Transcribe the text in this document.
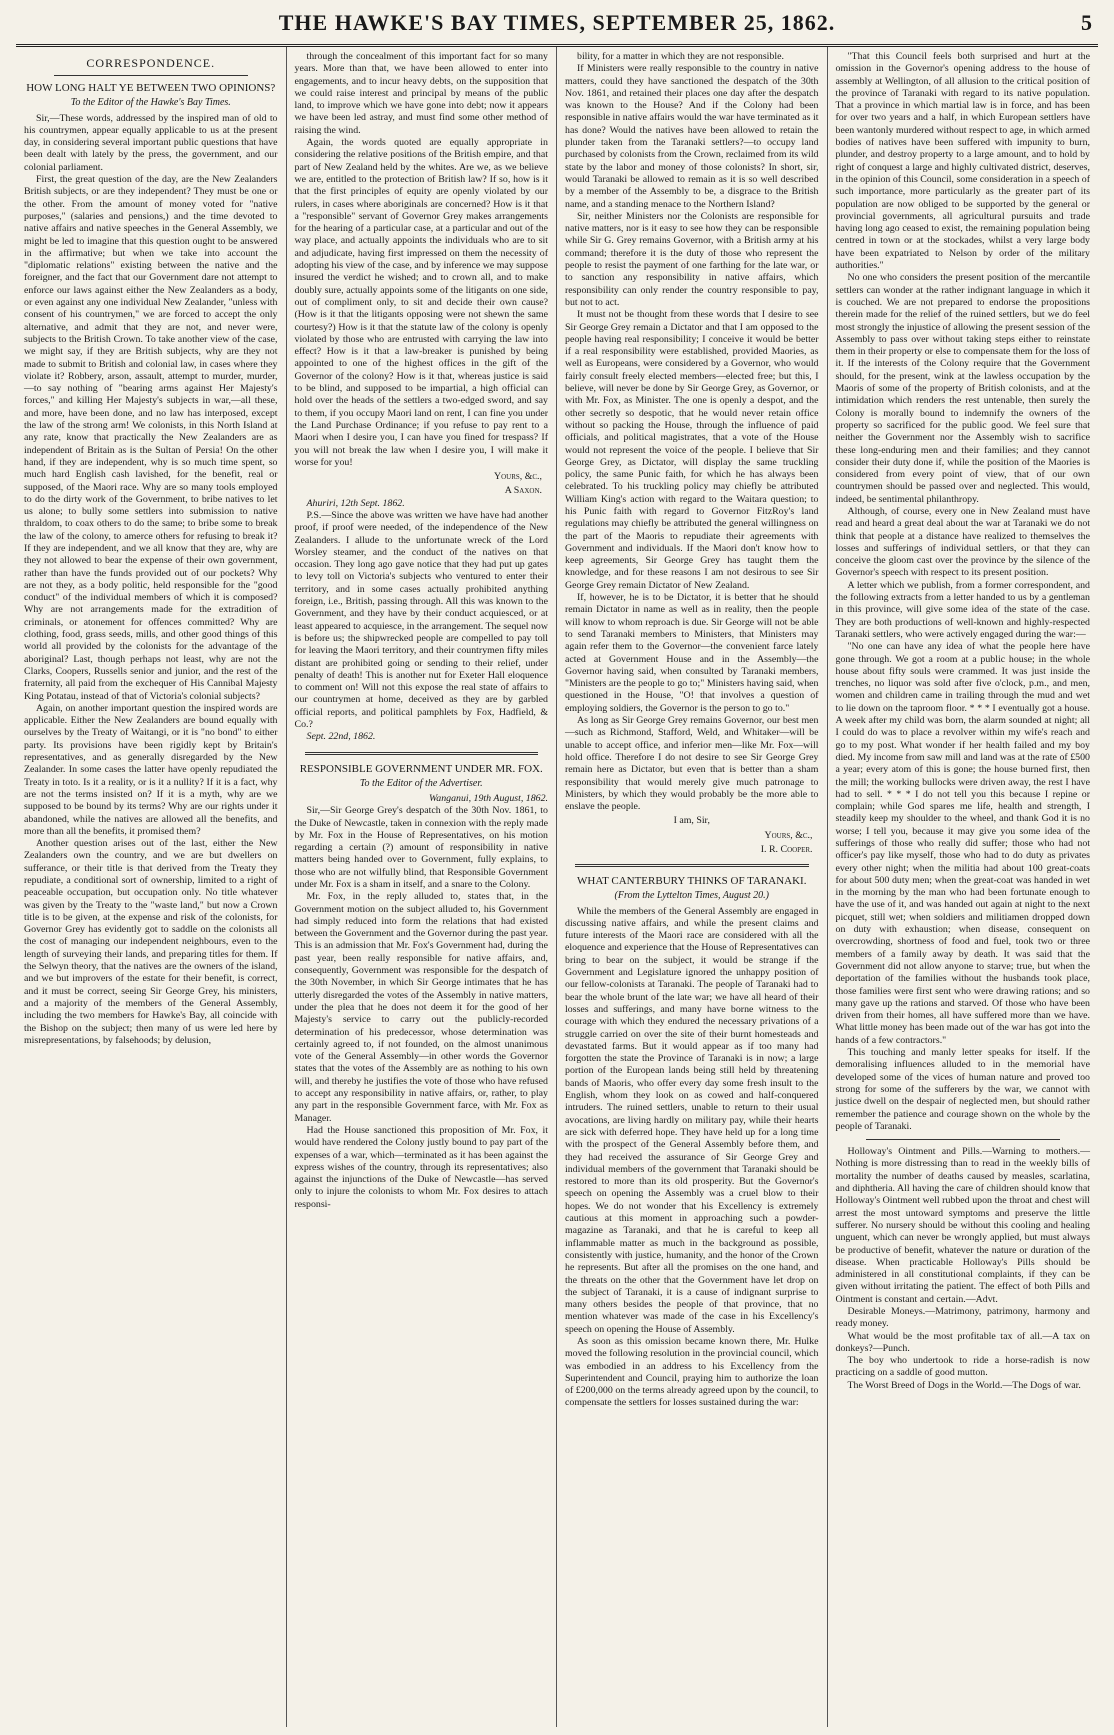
THE HAWKE'S BAY TIMES, SEPTEMBER 25, 1862.	5
CORRESPONDENCE.
HOW LONG HALT YE BETWEEN TWO OPINIONS?
To the Editor of the Hawke's Bay Times.

Sir,—These words, addressed by the inspired man of old to his countrymen, appear equally applicable to us at the present day, in considering several important public questions that have been dealt with lately by the press, the government, and our colonial parliament.

First, the great question of the day, are the New Zealanders British subjects, or are they independent? They must be one or the other. From the amount of money voted for "native purposes," (salaries and pensions,) and the time devoted to native affairs and native speeches in the General Assembly, we might be led to imagine that this question ought to be answered in the affirmative; but when we take into account the "diplomatic relations" existing between the native and the foreigner, and the fact that our Government dare not attempt to enforce our laws against either the New Zealanders as a body, or even against any one individual New Zealander, "unless with consent of his countrymen," we are forced to accept the only alternative, and admit that they are not, and never were, subjects to the British Crown. To take another view of the case, we might say, if they are British subjects, why are they not made to submit to British and colonial law, in cases where they violate it? Robbery, arson, assault, attempt to murder, murder,—to say nothing of "bearing arms against Her Majesty's forces," and killing Her Majesty's subjects in war,—all these, and more, have been done, and no law has interposed, except the law of the strong arm! We colonists, in this North Island at any rate, know that practically the New Zealanders are as independent of Britain as is the Sultan of Persia! On the other hand, if they are independent, why is so much time spent, so much hard English cash lavished, for the benefit, real or supposed, of the Maori race. Why are so many tools employed to do the dirty work of the Government, to bribe natives to let us alone; to bully some settlers into submission to native thraldom, to coax others to do the same; to bribe some to break the law of the colony, to amerce others for refusing to break it? If they are independent, and we all know that they are, why are they not allowed to bear the expense of their own government, rather than have the funds provided out of our pockets? Why are not they, as a body politic, held responsible for the "good conduct" of the individual members of which it is composed? Why are not arrangements made for the extradition of criminals, or atonement for offences committed? Why are clothing, food, grass seeds, mills, and other good things of this world all provided by the colonists for the advantage of the aboriginal? Last, though perhaps not least, why are not the Clarks, Coopers, Russells senior and junior, and the rest of the fraternity, all paid from the exchequer of His Cannibal Majesty King Potatau, instead of that of Victoria's colonial subjects?

Again, on another important question the inspired words are applicable. Either the New Zealanders are bound equally with ourselves by the Treaty of Waitangi, or it is "no bond" to either party. Its provisions have been rigidly kept by Britain's representatives, and as generally disregarded by the New Zealander. In some cases the latter have openly repudiated the Treaty in toto. Is it a reality, or is it a nullity? If it is a fact, why are not the terms insisted on? If it is a myth, why are we supposed to be bound by its terms? Why are our rights under it abandoned, while the natives are allowed all the benefits, and more than all the benefits, it promised them?

Another question arises out of the last, either the New Zealanders own the country, and we are but dwellers on sufferance, or their title is that derived from the Treaty they repudiate, a conditional sort of ownership, limited to a right of peaceable occupation, but occupation only. No title whatever was given by the Treaty to the "waste land," but now a Crown title is to be given, at the expense and risk of the colonists, for Governor Grey has evidently got to saddle on the colonists all the cost of managing our independent neighbours, even to the length of surveying their lands, and preparing titles for them. If the Selwyn theory, that the natives are the owners of the island, and we but improvers of the estate for their benefit, is correct, and it must be correct, seeing Sir George Grey, his ministers, and a majority of the members of the General Assembly, including the two members for Hawke's Bay, all coincide with the Bishop on the subject; then many of us were led here by misrepresentations, by falsehoods; by delusion,

through the concealment of this important fact for so many years. More than that, we have been allowed to enter into engagements, and to incur heavy debts, on the supposition that we could raise interest and principal by means of the public land, to improve which we have gone into debt; now it appears we have been led astray, and must find some other method of raising the wind.

Again, the words quoted are equally appropriate in considering the relative positions of the British empire, and that part of New Zealand held by the whites. Are we, as we believe we are, entitled to the protection of British law? If so, how is it that the first principles of equity are openly violated by our rulers, in cases where aboriginals are concerned? How is it that a "responsible" servant of Governor Grey makes arrangements for the hearing of a particular case, at a particular and out of the way place, and actually appoints the individuals who are to sit and adjudicate, having first impressed on them the necessity of adopting his view of the case, and by inference we may suppose insured the verdict he wished; and to crown all, and to make doubly sure, actually appoints some of the litigants on one side, out of compliment only, to sit and decide their own cause? (How is it that the litigants opposing were not shewn the same courtesy?) How is it that the statute law of the colony is openly violated by those who are entrusted with carrying the law into effect? How is it that a law-breaker is punished by being appointed to one of the highest offices in the gift of the Governor of the colony? How is it that, whereas justice is said to be blind, and supposed to be impartial, a high official can hold over the heads of the settlers a two-edged sword, and say to them, if you occupy Maori land on rent, I can fine you under the Land Purchase Ordinance; if you refuse to pay rent to a Maori when I desire you, I can have you fined for trespass? If you will not break the law when I desire you, I will make it worse for you!

Yours, &c.,
A Saxon.

Ahuriri, 12th Sept. 1862.

P.S.—Since the above was written we have have had another proof, if proof were needed, of the independence of the New Zealanders. I allude to the unfortunate wreck of the Lord Worsley steamer, and the conduct of the natives on that occasion. They long ago gave notice that they had put up gates to levy toll on Victoria's subjects who ventured to enter their territory, and in some cases actually prohibited anything foreign, i.e., British, passing through. All this was known to the Government, and they have by their conduct acquiesced, or at least appeared to acquiesce, in the arrangement. The sequel now is before us; the shipwrecked people are compelled to pay toll for leaving the Maori territory, and their countrymen fifty miles distant are prohibited going or sending to their relief, under penalty of death! This is another nut for Exeter Hall eloquence to comment on! Will not this expose the real state of affairs to our countrymen at home, deceived as they are by garbled official reports, and political pamphlets by Fox, Hadfield, & Co.?

Sept. 22nd, 1862.

RESPONSIBLE GOVERNMENT UNDER MR. FOX.
To the Editor of the Advertiser.

Wanganui, 19th August, 1862.

Sir,—Sir George Grey's despatch of the 30th Nov. 1861, to the Duke of Newcastle, taken in connexion with the reply made by Mr. Fox in the House of Representatives, on his motion regarding a certain (?) amount of responsibility in native matters being handed over to Government, fully explains, to those who are not wilfully blind, that Responsible Government under Mr. Fox is a sham in itself, and a snare to the Colony.

Mr. Fox, in the reply alluded to, states that, in the Government motion on the subject alluded to, his Government had simply reduced into form the relations that had existed between the Government and the Governor during the past year. This is an admission that Mr. Fox's Government had, during the past year, been really responsible for native affairs, and, consequently, Government was responsible for the despatch of the 30th November, in which Sir George intimates that he has utterly disregarded the votes of the Assembly in native matters, under the plea that he does not deem it for the good of her Majesty's service to carry out the publicly-recorded determination of his predecessor, whose determination was certainly agreed to, if not founded, on the almost unanimous vote of the General Assembly—in other words the Governor states that the votes of the Assembly are as nothing to his own will, and thereby he justifies the vote of those who have refused to accept any responsibility in native affairs, or, rather, to play any part in the responsible Government farce, with Mr. Fox as Manager.

Had the House sanctioned this proposition of Mr. Fox, it would have rendered the Colony justly bound to pay part of the expenses of a war, which—terminated as it has been against the express wishes of the country, through its representatives; also against the injunctions of the Duke of Newcastle—has served only to injure the colonists to whom Mr. Fox desires to attach responsi-

bility, for a matter in which they are not responsible.

If Ministers were really responsible to the country in native matters, could they have sanctioned the despatch of the 30th Nov. 1861, and retained their places one day after the despatch was known to the House? And if the Colony had been responsible in native affairs would the war have terminated as it has done? Would the natives have been allowed to retain the plunder taken from the Taranaki settlers?—to occupy land purchased by colonists from the Crown, reclaimed from its wild state by the labor and money of those colonists? In short, sir, would Taranaki be allowed to remain as it is so well described by a member of the Assembly to be, a disgrace to the British name, and a standing menace to the Northern Island?

Sir, neither Ministers nor the Colonists are responsible for native matters, nor is it easy to see how they can be responsible while Sir G. Grey remains Governor, with a British army at his command; therefore it is the duty of those who represent the people to resist the payment of one farthing for the late war, or to sanction any responsibility in native affairs, which responsibility can only render the country responsible to pay, but not to act.

It must not be thought from these words that I desire to see Sir George Grey remain a Dictator and that I am opposed to the people having real responsibility; I conceive it would be better if a real responsibility were established, provided Maories, as well as Europeans, were considered by a Governor, who would fairly consult freely elected members—elected free; but this, I believe, will never be done by Sir George Grey, as Governor, or with Mr. Fox, as Minister. The one is openly a despot, and the other secretly so despotic, that he would never retain office without so packing the House, through the influence of paid officials, and political magistrates, that a vote of the House would not represent the voice of the people. I believe that Sir George Grey, as Dictator, will display the same truckling policy, the same Punic faith, for which he has always been celebrated. To his truckling policy may chiefly be attributed William King's action with regard to the Waitara question; to his Punic faith with regard to Governor FitzRoy's land regulations may chiefly be attributed the general willingness on the part of the Maoris to repudiate their agreements with Government and individuals. If the Maori don't know how to keep agreements, Sir George Grey has taught them the knowledge, and for these reasons I am not desirous to see Sir George Grey remain Dictator of New Zealand.

If, however, he is to be Dictator, it is better that he should remain Dictator in name as well as in reality, then the people will know to whom reproach is due. Sir George will not be able to send Taranaki members to Ministers, that Ministers may again refer them to the Governor—the convenient farce lately acted at Government House and in the Assembly—the Governor having said, when consulted by Taranaki members, "Ministers are the people to go to;" Ministers having said, when questioned in the House, "O! that involves a question of employing soldiers, the Governor is the person to go to."

As long as Sir George Grey remains Governor, our best men—such as Richmond, Stafford, Weld, and Whitaker—will be unable to accept office, and inferior men—like Mr. Fox—will hold office. Therefore I do not desire to see Sir George Grey remain here as Dictator, but even that is better than a sham responsibility that would merely give much patronage to Ministers, by which they would probably be the more able to enslave the people.

I am, Sir,
Yours, &c.,
I. R. Cooper.
WHAT CANTERBURY THINKS OF TARANAKI.
(From the Lyttelton Times, August 20.)

While the members of the General Assembly are engaged in discussing native affairs, and while the present claims and future interests of the Maori race are considered with all the eloquence and experience that the House of Representatives can bring to bear on the subject, it would be strange if the Government and Legislature ignored the unhappy position of our fellow-colonists at Taranaki. The people of Taranaki had to bear the whole brunt of the late war; we have all heard of their losses and sufferings, and many have borne witness to the courage with which they endured the necessary privations of a struggle carried on over the site of their burnt homesteads and devastated farms. But it would appear as if too many had forgotten the state the Province of Taranaki is in now; a large portion of the European lands being still held by threatening bands of Maoris, who offer every day some fresh insult to the English, whom they look on as cowed and half-conquered intruders. The ruined settlers, unable to return to their usual avocations, are living hardly on military pay, while their hearts are sick with deferred hope. They have held up for a long time with the prospect of the General Assembly before them, and they had received the assurance of Sir George Grey and individual members of the government that Taranaki should be restored to more than its old prosperity. But the Governor's speech on opening the Assembly was a cruel blow to their hopes. We do not wonder that his Excellency is extremely cautious at this moment in approaching such a powder-magazine as Taranaki, and that he is careful to keep all inflammable matter as much in the background as possible, consistently with justice, humanity, and the honor of the Crown he represents. But after all the promises on the one hand, and the threats on the other that the Government have let drop on the subject of Taranaki, it is a cause of indignant surprise to many others besides the people of that province, that no mention whatever was made of the case in his Excellency's speech on opening the House of Assembly.

As soon as this omission became known there, Mr. Hulke moved the following resolution in the provincial council, which was embodied in an address to his Excellency from the Superintendent and Council, praying him to authorize the loan of £200,000 on the terms already agreed upon by the council, to compensate the settlers for losses sustained during the war:

"That this Council feels both surprised and hurt at the omission in the Governor's opening address to the house of assembly at Wellington, of all allusion to the critical position of the province of Taranaki with regard to its native population. That a province in which martial law is in force, and has been for over two years and a half, in which European settlers have been wantonly murdered without respect to age, in which armed bodies of natives have been suffered with impunity to burn, plunder, and destroy property to a large amount, and to hold by right of conquest a large and highly cultivated district, deserves, in the opinion of this Council, some consideration in a speech of such importance, more particularly as the greater part of its population are now obliged to be supported by the general or provincial governments, all agricultural pursuits and trade having long ago ceased to exist, the remaining population being centred in town or at the stockades, whilst a very large body have been expatriated to Nelson by order of the military authorities."

No one who considers the present position of the mercantile settlers can wonder at the rather indignant language in which it is couched. We are not prepared to endorse the propositions therein made for the relief of the ruined settlers, but we do feel most strongly the injustice of allowing the present session of the Assembly to pass over without taking steps either to reinstate them in their property or else to compensate them for the loss of it. If the interests of the Colony require that the Government should, for the present, wink at the lawless occupation by the Maoris of some of the property of British colonists, and at the intimidation which renders the rest untenable, then surely the Colony is morally bound to indemnify the owners of the property so sacrificed for the public good. We feel sure that neither the Government nor the Assembly wish to sacrifice these long-enduring men and their families; and they cannot consider their duty done if, while the position of the Maories is considered from every point of view, that of our own countrymen should be passed over and neglected. This would, indeed, be sentimental philanthropy.

Although, of course, every one in New Zealand must have read and heard a great deal about the war at Taranaki we do not think that people at a distance have realized to themselves the losses and sufferings of individual settlers, or that they can conceive the gloom cast over the province by the silence of the Governor's speech with respect to its present position.

A letter which we publish, from a former correspondent, and the following extracts from a letter handed to us by a gentleman in this province, will give some idea of the state of the case. They are both productions of well-known and highly-respected Taranaki settlers, who were actively engaged during the war:—

"No one can have any idea of what the people here have gone through. We got a room at a public house; in the whole house about fifty souls were crammed. It was just inside the trenches, no liquor was sold after five o'clock, p.m., and men, women and children came in trailing through the mud and wet to lie down on the taproom floor. * * * I eventually got a house. A week after my child was born, the alarm sounded at night; all I could do was to place a revolver within my wife's reach and go to my post. What wonder if her health failed and my boy died. My income from saw mill and land was at the rate of £500 a year; every atom of this is gone; the house burned first, then the mill; the working bullocks were driven away, the rest I have had to sell. * * * I do not tell you this because I repine or complain; while God spares me life, health and strength, I steadily keep my shoulder to the wheel, and thank God it is no worse; I tell you, because it may give you some idea of the sufferings of those who really did suffer; those who had not officer's pay like myself, those who had to do duty as privates every other night; when the militia had about 100 great-coats for about 500 duty men; when the great-coat was handed in wet in the morning by the man who had been fortunate enough to have the use of it, and was handed out again at night to the next picquet, still wet; when soldiers and militiamen dropped down on duty with exhaustion; when disease, consequent on overcrowding, shortness of food and fuel, took two or three members of a family away by death. It was said that the Government did not allow anyone to starve; true, but when the deportation of the families without the husbands took place, those families were first sent who were drawing rations; and so many gave up the rations and starved. Of those who have been driven from their homes, all have suffered more than we have. What little money has been made out of the war has got into the hands of a few contractors."

This touching and manly letter speaks for itself. If the demoralising influences alluded to in the memorial have developed some of the vices of human nature and proved too strong for some of the sufferers by the war, we cannot with justice dwell on the despair of neglected men, but should rather remember the patience and courage shown on the whole by the people of Taranaki.

Holloway's Ointment and Pills.—Warning to mothers.—Nothing is more distressing than to read in the weekly bills of mortality the number of deaths caused by measles, scarlatina, and diphtheria. All having the care of children should know that Holloway's Ointment well rubbed upon the throat and chest will arrest the most untoward symptoms and preserve the little sufferer. No nursery should be without this cooling and healing unguent, which can never be wrongly applied, but must always be productive of benefit, whatever the nature or duration of the disease. When practicable Holloway's Pills should be administered in all constitutional complaints, if they can be given without irritating the patient. The effect of both Pills and Ointment is constant and certain.—Advt.

Desirable Moneys.—Matrimony, patrimony, harmony and ready money.

What would be the most profitable tax of all.—A tax on donkeys?—Punch.

The boy who undertook to ride a horse-radish is now practicing on a saddle of good mutton.

The Worst Breed of Dogs in the World.—The Dogs of war.
